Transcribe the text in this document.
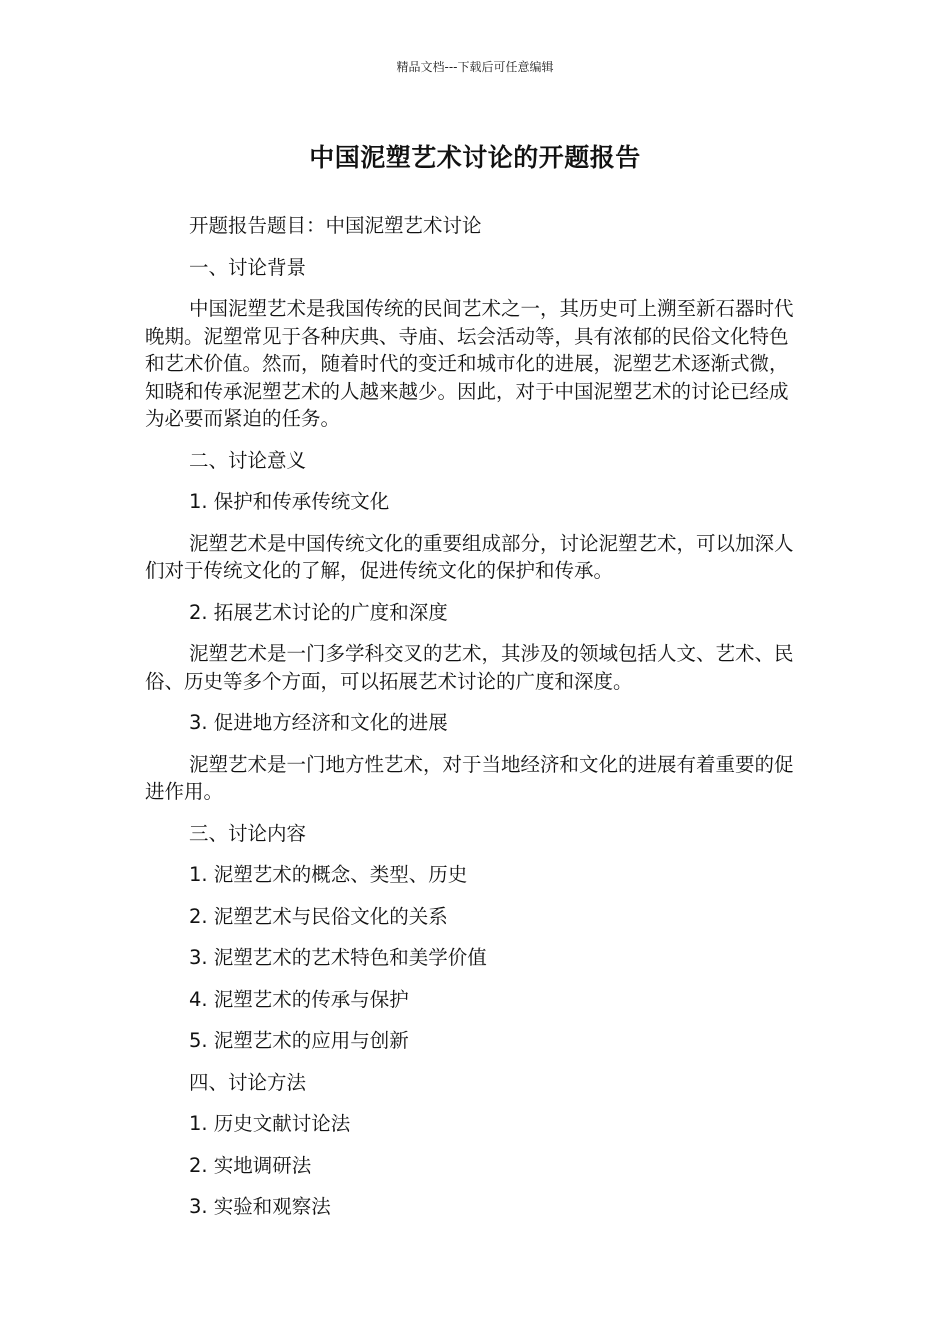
精品文档---下载后可任意编辑
中国泥塑艺术讨论的开题报告

开题报告题目：中国泥塑艺术讨论

一、讨论背景

中国泥塑艺术是我国传统的民间艺术之一，其历史可上溯至新石器时代晚期。泥塑常见于各种庆典、寺庙、坛会活动等，具有浓郁的民俗文化特色和艺术价值。然而，随着时代的变迁和城市化的进展，泥塑艺术逐渐式微，知晓和传承泥塑艺术的人越来越少。因此，对于中国泥塑艺术的讨论已经成为必要而紧迫的任务。

二、讨论意义

1. 保护和传承传统文化

泥塑艺术是中国传统文化的重要组成部分，讨论泥塑艺术，可以加深人们对于传统文化的了解，促进传统文化的保护和传承。

2. 拓展艺术讨论的广度和深度

泥塑艺术是一门多学科交叉的艺术，其涉及的领域包括人文、艺术、民俗、历史等多个方面，可以拓展艺术讨论的广度和深度。

3. 促进地方经济和文化的进展

泥塑艺术是一门地方性艺术，对于当地经济和文化的进展有着重要的促进作用。

三、讨论内容

1. 泥塑艺术的概念、类型、历史

2. 泥塑艺术与民俗文化的关系

3. 泥塑艺术的艺术特色和美学价值

4. 泥塑艺术的传承与保护

5. 泥塑艺术的应用与创新

四、讨论方法

1. 历史文献讨论法

2. 实地调研法

3. 实验和观察法
